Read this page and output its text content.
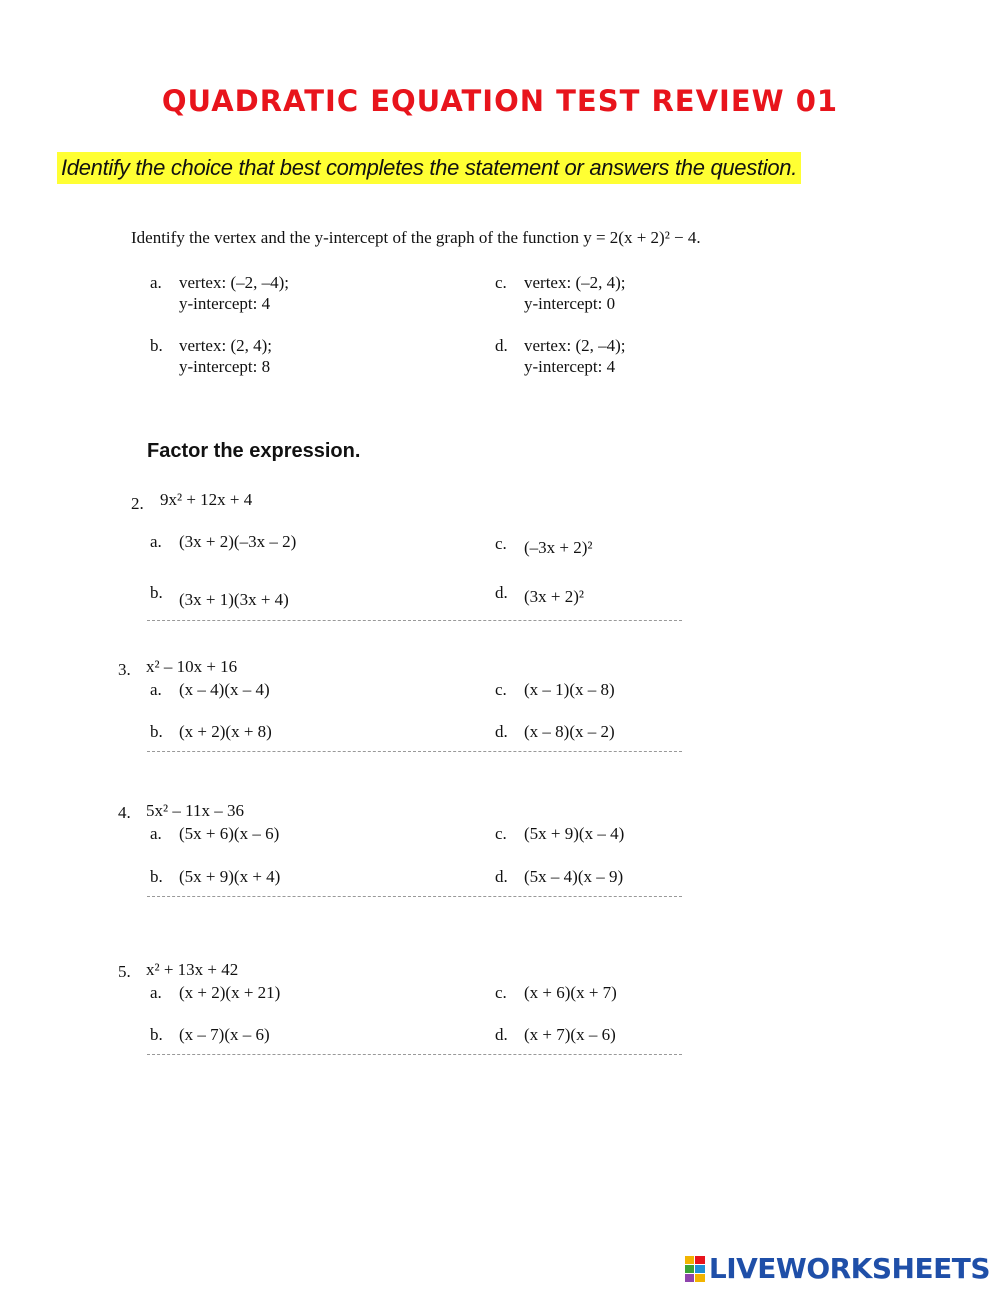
QUADRATIC EQUATION TEST REVIEW 01
Identify the choice that best completes the statement or answers the question.
Identify the vertex and the y-intercept of the graph of the function y = 2(x + 2)² − 4.
a. vertex: (–2, –4);
y-intercept: 4
b. vertex: (2, 4);
y-intercept: 8
c. vertex: (–2, 4);
y-intercept: 0
d. vertex: (2, –4);
y-intercept: 4
Factor the expression.
2. 9x² + 12x + 4
a. (3x + 2)(–3x – 2)
b. (3x + 1)(3x + 4)
c. (–3x + 2)²
d. (3x + 2)²
3. x² – 10x + 16
a. (x – 4)(x – 4)
b. (x + 2)(x + 8)
c. (x – 1)(x – 8)
d. (x – 8)(x – 2)
4. 5x² – 11x – 36
a. (5x + 6)(x – 6)
b. (5x + 9)(x + 4)
c. (5x + 9)(x – 4)
d. (5x – 4)(x – 9)
5. x² + 13x + 42
a. (x + 2)(x + 21)
b. (x – 7)(x – 6)
c. (x + 6)(x + 7)
d. (x + 7)(x – 6)
LIVEWORKSHEETS
